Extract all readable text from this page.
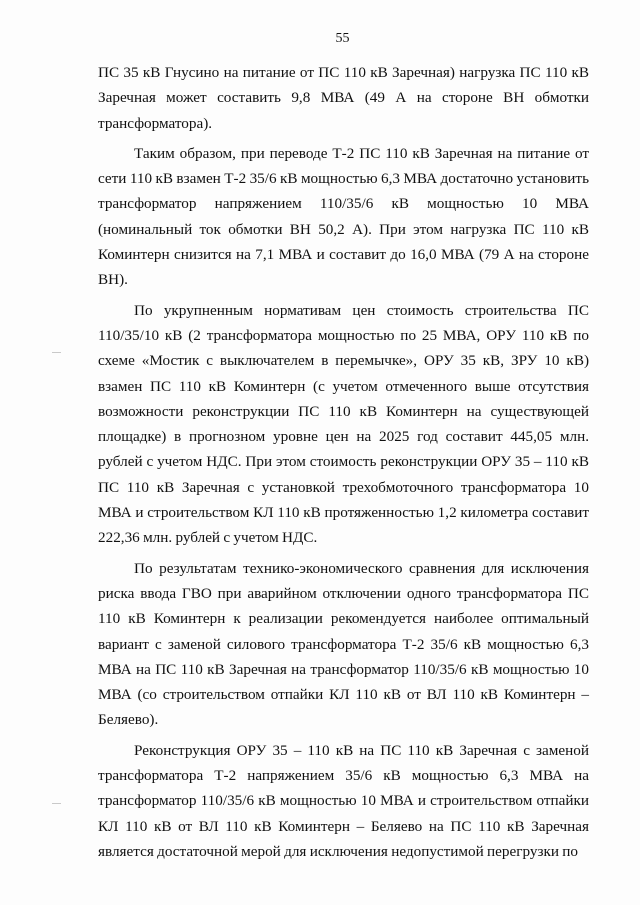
55

ПС 35 кВ Гнусино на питание от ПС 110 кВ Заречная) нагрузка ПС 110 кВ Заречная может составить 9,8 МВА (49 А на стороне ВН обмотки трансформатора).

Таким образом, при переводе Т-2 ПС 110 кВ Заречная на питание от сети 110 кВ взамен Т-2 35/6 кВ мощностью 6,3 МВА достаточно установить трансформатор напряжением 110/35/6 кВ мощностью 10 МВА (номинальный ток обмотки ВН 50,2 А). При этом нагрузка ПС 110 кВ Коминтерн снизится на 7,1 МВА и составит до 16,0 МВА (79 А на стороне ВН).

По укрупненным нормативам цен стоимость строительства ПС 110/35/10 кВ (2 трансформатора мощностью по 25 МВА, ОРУ 110 кВ по схеме «Мостик с выключателем в перемычке», ОРУ 35 кВ, ЗРУ 10 кВ) взамен ПС 110 кВ Коминтерн (с учетом отмеченного выше отсутствия возможности реконструкции ПС 110 кВ Коминтерн на существующей площадке) в прогнозном уровне цен на 2025 год составит 445,05 млн. рублей с учетом НДС. При этом стоимость реконструкции ОРУ 35 – 110 кВ ПС 110 кВ Заречная с установкой трехобмоточного трансформатора 10 МВА и строительством КЛ 110 кВ протяженностью 1,2 километра составит 222,36 млн. рублей с учетом НДС.

По результатам технико-экономического сравнения для исключения риска ввода ГВО при аварийном отключении одного трансформатора ПС 110 кВ Коминтерн к реализации рекомендуется наиболее оптимальный вариант с заменой силового трансформатора Т-2 35/6 кВ мощностью 6,3 МВА на ПС 110 кВ Заречная на трансформатор 110/35/6 кВ мощностью 10 МВА (со строительством отпайки КЛ 110 кВ от ВЛ 110 кВ Коминтерн – Беляево).

Реконструкция ОРУ 35 – 110 кВ на ПС 110 кВ Заречная с заменой трансформатора Т-2 напряжением 35/6 кВ мощностью 6,3 МВА на трансформатор 110/35/6 кВ мощностью 10 МВА и строительством отпайки КЛ 110 кВ от ВЛ 110 кВ Коминтерн – Беляево на ПС 110 кВ Заречная является достаточной мерой для исключения недопустимой перегрузки по
